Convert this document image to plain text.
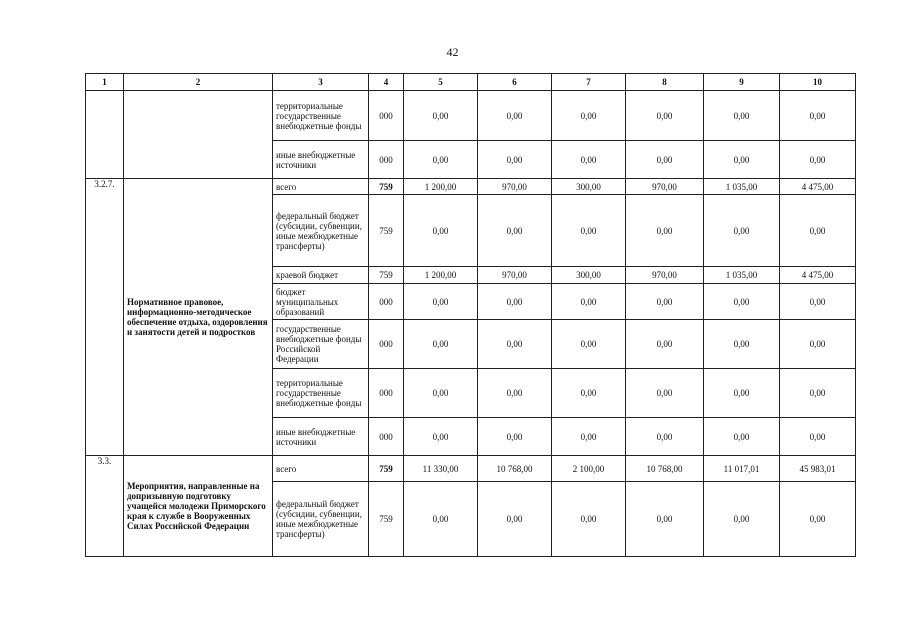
42
1	2	3	4	5	6	7	8	9	10
		территориальные государственные внебюджетные фонды	000	0,00	0,00	0,00	0,00	0,00	0,00
		иные внебюджетные источники	000	0,00	0,00	0,00	0,00	0,00	0,00
3.2.7.	Нормативное правовое, информационно-методическое обеспечение отдыха, оздоровления и занятости детей и подростков	всего	759	1 200,00	970,00	300,00	970,00	1 035,00	4 475,00
		федеральный бюджет (субсидии, субвенции, иные межбюджетные трансферты)	759	0,00	0,00	0,00	0,00	0,00	0,00
		краевой бюджет	759	1 200,00	970,00	300,00	970,00	1 035,00	4 475,00
		бюджет муниципальных образований	000	0,00	0,00	0,00	0,00	0,00	0,00
		государственные внебюджетные фонды Российской Федерации	000	0,00	0,00	0,00	0,00	0,00	0,00
		территориальные государственные внебюджетные фонды	000	0,00	0,00	0,00	0,00	0,00	0,00
		иные внебюджетные источники	000	0,00	0,00	0,00	0,00	0,00	0,00
3.3.	Мероприятия, направленные на допризывную подготовку учащейся молодежи Приморского края к службе в Вооруженных Силах Российской Федерации	всего	759	11 330,00	10 768,00	2 100,00	10 768,00	11 017,01	45 983,01
		федеральный бюджет (субсидии, субвенции, иные межбюджетные трансферты)	759	0,00	0,00	0,00	0,00	0,00	0,00
